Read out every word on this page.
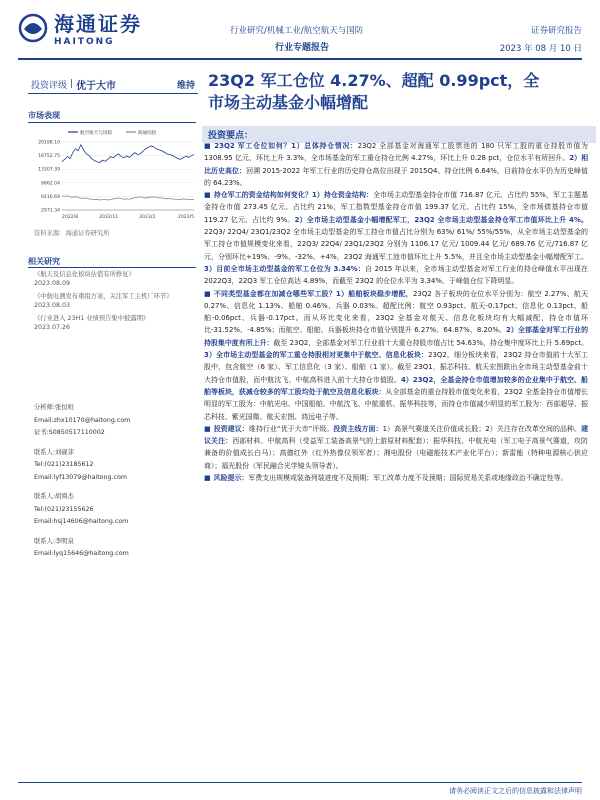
海通证券
HAITONG
行业研究/机械工业/航空航天与国防
行业专题报告
证券研究报告
2023 年 08 月 10 日
投资评级 | 优于大市	维持 23Q2 军工仓位 4.27%、超配 0.99pct，全
市场主动基金小幅增配
市场表现
航空航天与国防	海通综指
20198.10
16752.75
13307.39
9862.04
6416.69
2971.34
2022/8	2022/11	2023/2	2023/5
资料来源：海通证券研究所
相关研究
《航天及信息化板块估值有所修复》
2023.08.09
《中航电测发布重组方案，关注军工主机厂环节》
2023.08.03
《行业进入 23H1 业绩预告集中披露期》
2023.07.26
分析师:张恒晅
Email:zhx10170@haitong.com
证书:S0850517110002
联系人:刘砚菲
Tel:(021)23185612
Email:lyf13079@haitong.com
联系人:胡舜杰
Tel:(021)23155626
Email:hsj14606@haitong.com
联系人:李明泉
Email:lyq15646@haitong.com
投资要点：
■ 23Q2 军工仓位如何？1）总体持仓情况：23Q2 全部基金对海通军工股票池的 180 只军工股的重仓持股市值为 1308.95 亿元，环比上升 3.3%，全市场基金的军工重仓持仓比例 4.27%，环比上升 0.28 pct，仓位水平有所回升。2）相比历史高位：回溯 2015-2022 年军工行业的历史持仓高位出现于 2015Q4、持仓比例 6.64%，目前持仓水平仍为历史峰值的 64.23%。
■ 持仓军工的资金结构如何变化？1）持仓资金结构：全市场主动型基金持仓市值 716.87 亿元、占比约 55%，军工主题基金持仓市值 273.45 亿元、占比约 21%，军工指数型基金持仓市值 199.37 亿元、占比约 15%，全市场债基持仓市值 119.27 亿元、占比约 9%。2）全市场主动型基金小幅增配军工，23Q2 全市场主动型基金持仓军工市值环比上升 4%。22Q3/ 22Q4/ 23Q1/23Q2 全市场主动型基金的军工持仓市值占比分别为 63%/ 61%/ 55%/55%，从全市场主动型基金的军工持仓市值规模变化来看，22Q3/ 22Q4/ 23Q1/23Q2 分别为 1106.17 亿元/ 1009.44 亿元/ 689.76 亿元/716.87 亿元，分别环比+19%、-9%、-32%、+4%，23Q2 海通军工池市值环比上升 5.5%，并且全市场主动型基金小幅增配军工。3）目前全市场主动型基金的军工仓位为 3.34%：自 2015 年以来，全市场主动型基金对军工行业的持仓峰值水平出现在 2022Q3，22Q3 军工仓位高达 4.89%，而截至 23Q2 的仓位水平为 3.34%，于峰值仓位下降明显。
■ 不同类型基金都在加减仓哪些军工股？1）船舶板块稳步增配，23Q2 各子板块的仓位水平分别为：航空 2.27%、航天 0.27%、信息化 1.13%、船舶 0.46%、兵器 0.03%。超配比例：航空 0.93pct、航天-0.17pct、信息化 0.13pct、船舶-0.06pct、兵器-0.17pct。而从环比变化来看，23Q2 全基金对航天、信息化板块均有大幅减配，持仓市值环比-31.52%、-4.85%；而航空、船舶、兵器板块持仓市值分别提升 6.27%、64.87%、8.20%。2）全部基金对军工行业的持股集中度有所上升：截至 23Q2，全部基金对军工行业前十大重仓持股市值占比 54.63%，持仓集中度环比上升 5.69pct。3）全市场主动型基金的军工重仓持股相对更集中于航空、信息化板块：23Q2，细分板块来看，23Q2 持仓市值前十大军工股中，包含航空（6 家）、军工信息化（3 家）、船舶（1 家）。截至 23Q1，振芯科技、航天宏图跌出全市场主动型基金前十大持仓市值股，而中航沈飞、中航高科进入前十大持仓市值股。4）23Q2，全基金持仓市值增加较多的企业集中于航空、船舶等板块，获减仓较多的军工股均处于航空及信息化板块：从全部基金的重仓持股市值变化来看，23Q2 全基金持仓市值增长明显的军工股为：中航光电、中国船舶、中航沈飞、中航重机、振华科技等，而持仓市值减少明显的军工股为：西部超导、振芯科技、紫光国微、航天宏图、鸿远电子等。
■ 投资建议：维持行业“优于大市”评级。投资主线方面：1）高景气赛道关注价值成长股；2）关注存在改革空间的品种。建议关注：西部材料、中航高科（受益军工装备高景气的上游原材料配套）；振华科技、中航光电（军工电子高景气赛道，攻防兼备的价值成长白马）；高德红外（红外热像仪领军者）；湘电股份（电磁能技术产业化平台）；新雷能（特种电源核心供应商）；福光股份（军民融合光学镜头领导者）。
■ 风险提示：军费支出规模或装备列装进度不及预期；军工改革力度不及预期；国际贸易关系或地缘政治不确定性等。
请务必阅读正文之后的信息披露和法律声明
